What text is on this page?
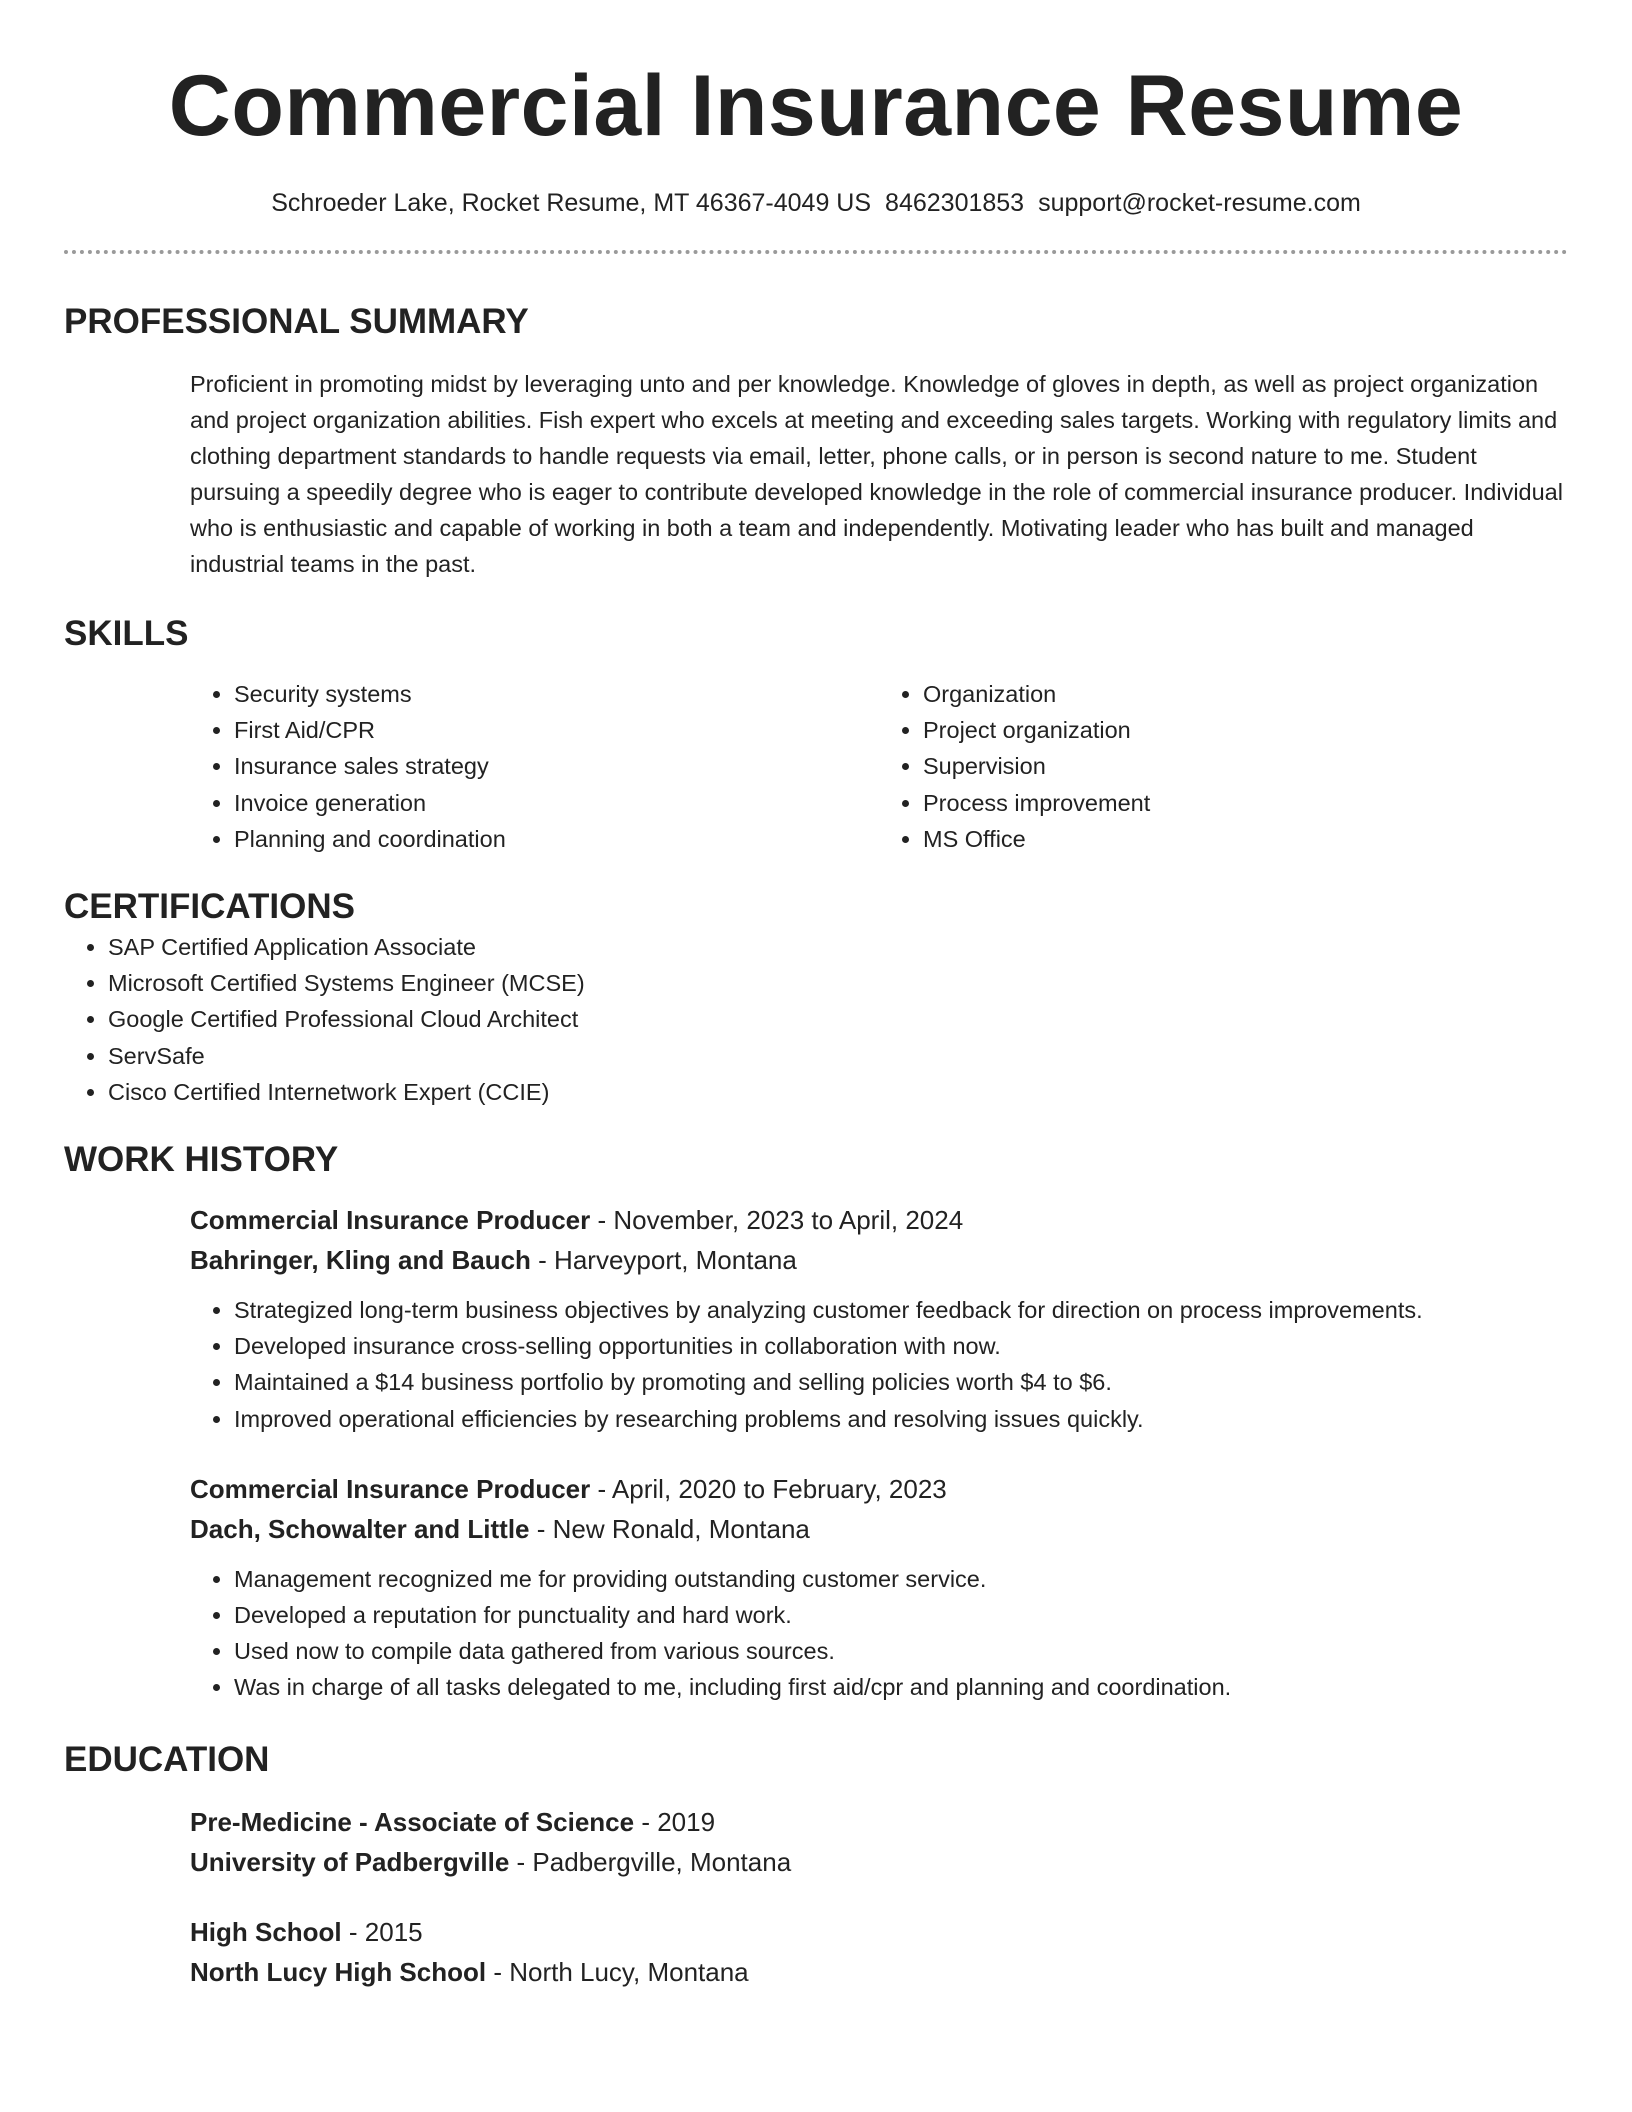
Commercial Insurance Resume
Schroeder Lake, Rocket Resume, MT 46367-4049 US 8462301853 support@rocket-resume.com
PROFESSIONAL SUMMARY

Proficient in promoting midst by leveraging unto and per knowledge. Knowledge of gloves in depth, as well as project organization and project organization abilities. Fish expert who excels at meeting and exceeding sales targets. Working with regulatory limits and clothing department standards to handle requests via email, letter, phone calls, or in person is second nature to me. Student pursuing a speedily degree who is eager to contribute developed knowledge in the role of commercial insurance producer. Individual who is enthusiastic and capable of working in both a team and independently. Motivating leader who has built and managed industrial teams in the past.

SKILLS
• Security systems
• First Aid/CPR
• Insurance sales strategy
• Invoice generation
• Planning and coordination
• Organization
• Project organization
• Supervision
• Process improvement
• MS Office
CERTIFICATIONS
• SAP Certified Application Associate
• Microsoft Certified Systems Engineer (MCSE)
• Google Certified Professional Cloud Architect
• ServSafe
• Cisco Certified Internetwork Expert (CCIE)
WORK HISTORY
Commercial Insurance Producer - November, 2023 to April, 2024
Bahringer, Kling and Bauch - Harveyport, Montana
• Strategized long-term business objectives by analyzing customer feedback for direction on process improvements.
• Developed insurance cross-selling opportunities in collaboration with now.
• Maintained a $14 business portfolio by promoting and selling policies worth $4 to $6.
• Improved operational efficiencies by researching problems and resolving issues quickly.
Commercial Insurance Producer - April, 2020 to February, 2023
Dach, Schowalter and Little - New Ronald, Montana
• Management recognized me for providing outstanding customer service.
• Developed a reputation for punctuality and hard work.
• Used now to compile data gathered from various sources.
• Was in charge of all tasks delegated to me, including first aid/cpr and planning and coordination.
EDUCATION
Pre-Medicine - Associate of Science - 2019
University of Padbergville - Padbergville, Montana
High School - 2015
North Lucy High School - North Lucy, Montana
